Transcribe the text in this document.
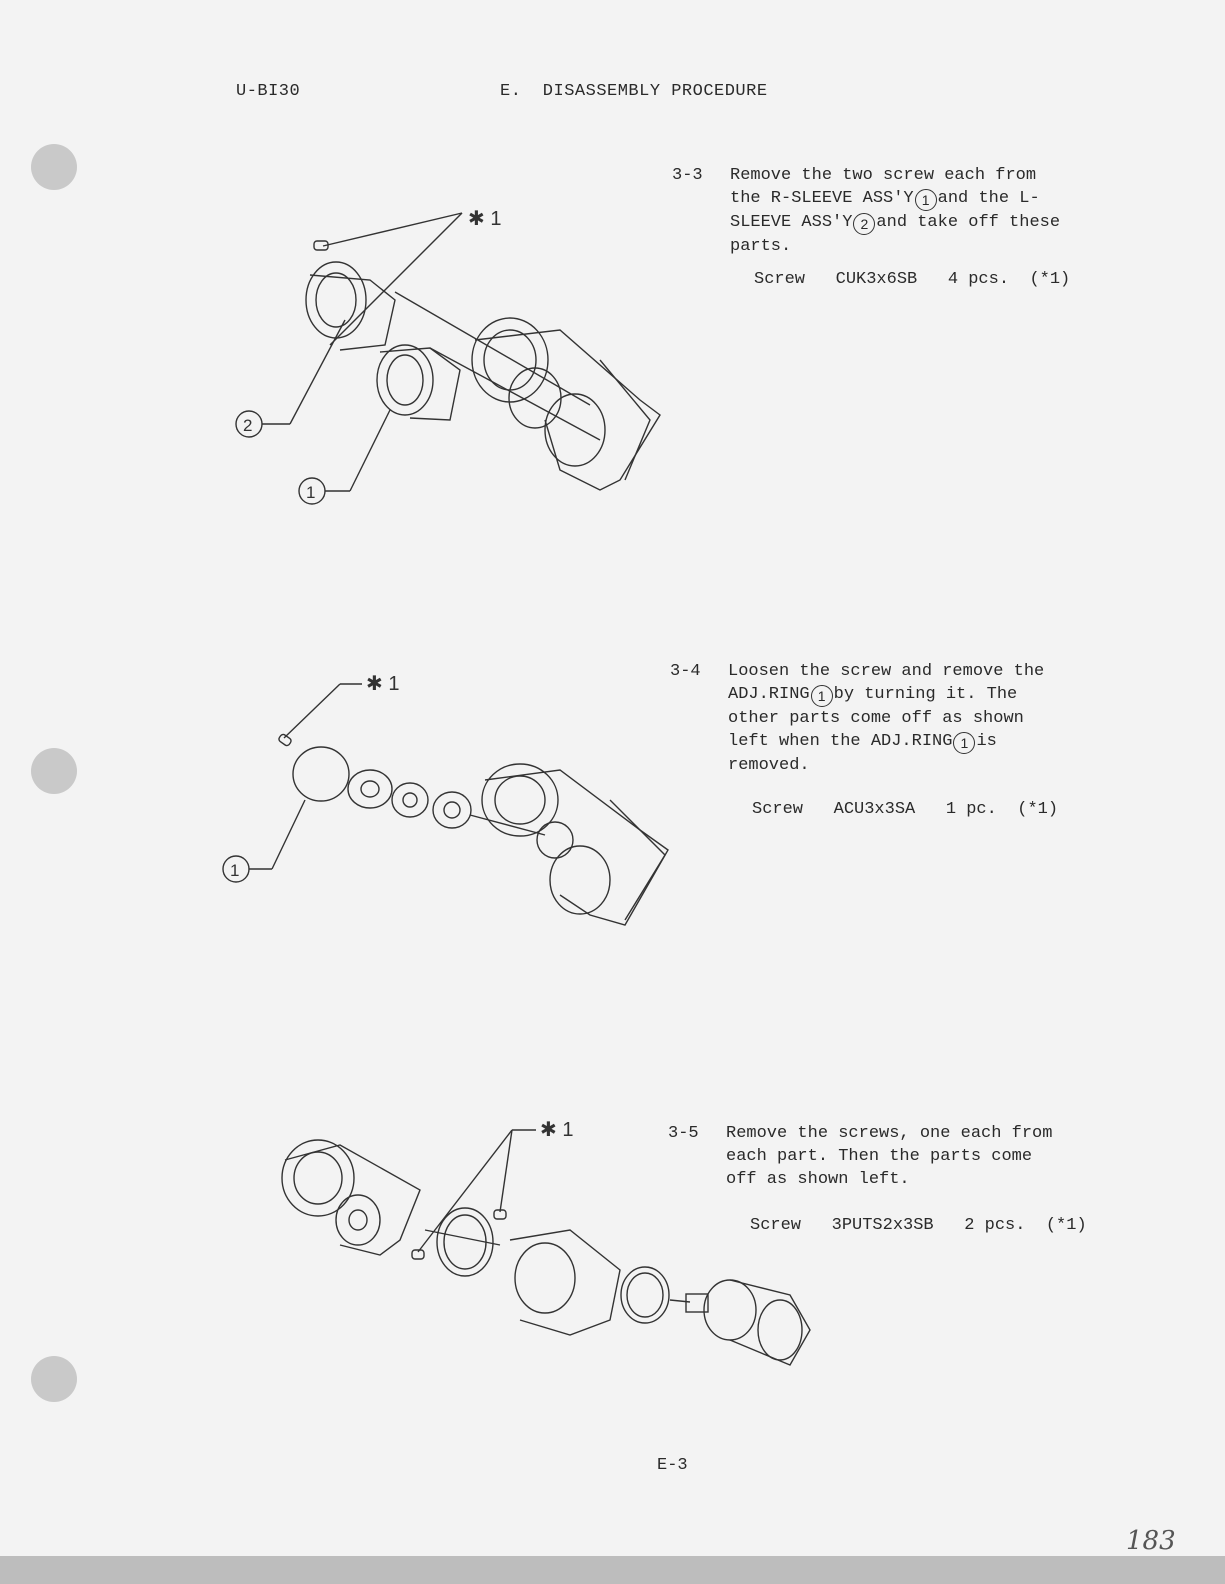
U-BI30	E.  DISASSEMBLY PROCEDURE
3-3 Remove the two screw each from
the R-SLEEVE ASS'Y 1 and the L-
SLEEVE ASS'Y 2 and take off these
parts.
Screw   CUK3x6SB   4 pcs.  (*1)
3-4 Loosen the screw and remove the
ADJ.RING 1 by turning it. The
other parts come off as shown
left when the ADJ.RING 1 is
removed.
Screw   ACU3x3SA   1 pc.  (*1)
3-5 Remove the screws, one each from
each part. Then the parts come
off as shown left.
Screw   3PUTS2x3SB   2 pcs.  (*1)
✱ 1
2
1
✱ 1
1
✱ 1
E-3
183
